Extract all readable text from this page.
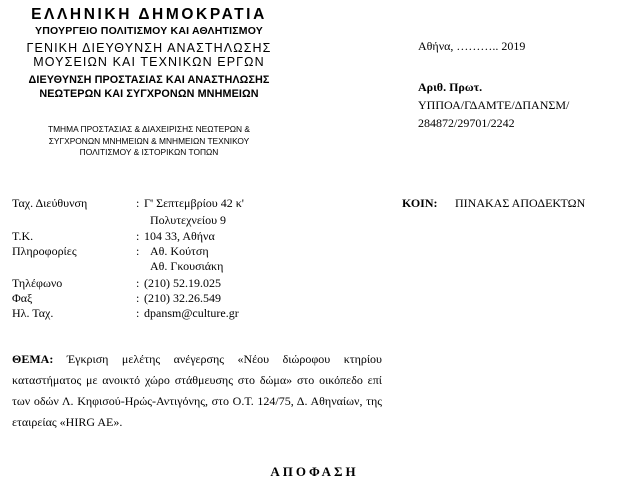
ΕΛΛΗΝΙΚΗ ΔΗΜΟΚΡΑΤΙΑ
ΥΠΟΥΡΓΕΙΟ ΠΟΛΙΤΙΣΜΟΥ ΚΑΙ ΑΘΛΗΤΙΣΜΟΥ
ΓΕΝΙΚΗ ΔΙΕΥΘΥΝΣΗ ΑΝΑΣΤΗΛΩΣΗΣ
ΜΟΥΣΕΙΩΝ ΚΑΙ ΤΕΧΝΙΚΩΝ ΕΡΓΩΝ
ΔΙΕΥΘΥΝΣΗ ΠΡΟΣΤΑΣΙΑΣ ΚΑΙ ΑΝΑΣΤΗΛΩΣΗΣ
ΝΕΩΤΕΡΩΝ ΚΑΙ ΣΥΓΧΡΟΝΩΝ ΜΝΗΜΕΙΩΝ
ΤΜΗΜΑ ΠΡΟΣΤΑΣΙΑΣ & ΔΙΑΧΕΙΡΙΣΗΣ ΝΕΩΤΕΡΩΝ &
ΣΥΓΧΡΟΝΩΝ ΜΝΗΜΕΙΩΝ & ΜΝΗΜΕΙΩΝ ΤΕΧΝΙΚΟΥ
ΠΟΛΙΤΙΣΜΟΥ & ΙΣΤΟΡΙΚΩΝ ΤΟΠΩΝ
Αθήνα, ……….. 2019
Αριθ. Πρωτ.
ΥΠΠΟΑ/ΓΔΑΜΤΕ/ΔΠΑΝΣΜ/
284872/29701/2242
Ταχ. Διεύθυνση	: Γ' Σεπτεμβρίου 42 κ'
Πολυτεχνείου 9
Τ.Κ.	: 104 33, Αθήνα
Πληροφορίες	: Αθ. Κούτση
Αθ. Γκουσιάκη
Τηλέφωνο	: (210) 52.19.025
Φαξ	: (210) 32.26.549
Ηλ. Ταχ.	: dpansm@culture.gr
ΚΟΙΝ: ΠΙΝΑΚΑΣ ΑΠΟΔΕΚΤΩΝ
ΘΕΜΑ: Έγκριση μελέτης ανέγερσης «Νέου διώροφου κτηρίου καταστήματος με ανοικτό χώρο στάθμευσης στο δώμα» στο οικόπεδο επί των οδών Λ. Κηφισού-Ηρώς-Αντιγόνης, στο Ο.Τ. 124/75, Δ. Αθηναίων, της εταιρείας «HIRG AE».
ΑΠΟΦΑΣΗ
